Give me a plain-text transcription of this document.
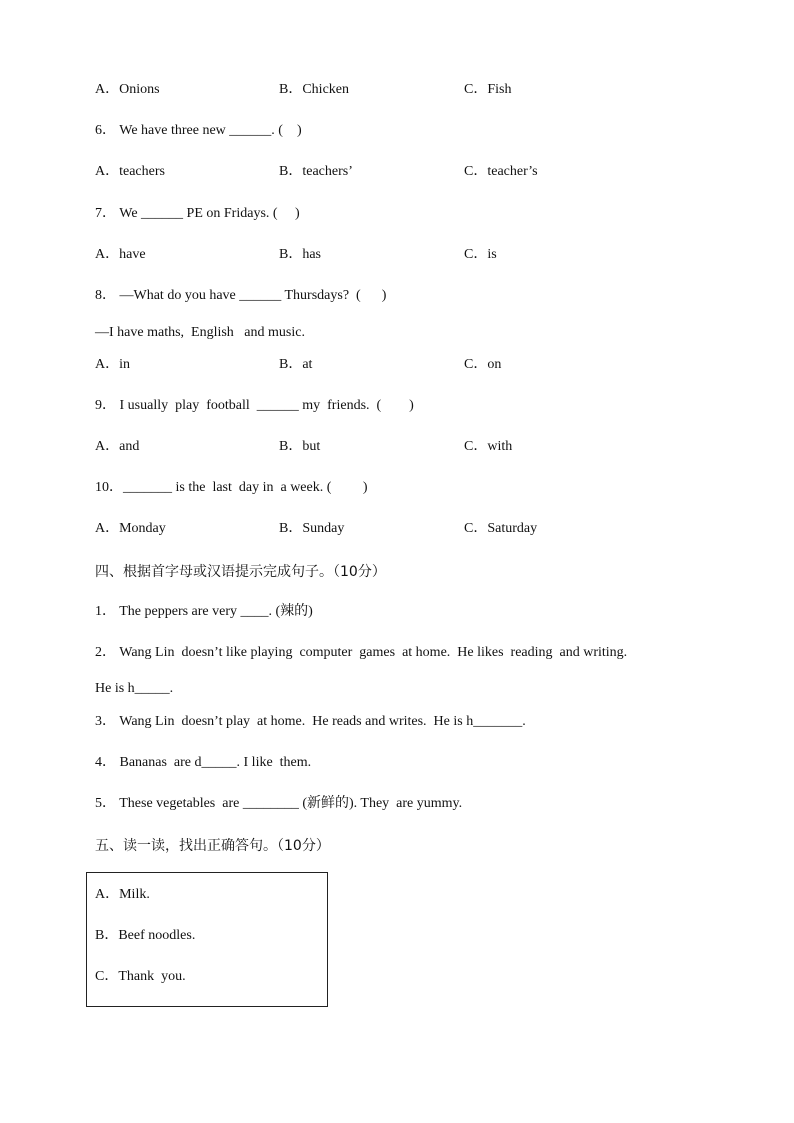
A．Onions	B．Chicken	C．Fish
6． We have three new ______. (    )
A．teachers	B．teachers’	C．teacher’s
7． We ______ PE on Fridays. (     )
A．have	B．has	C．is
8． —What do you have ______ Thursdays?  (      )
—I have maths,  English   and music.
A．in	B．at	C．on
9． I usually  play  football  ______ my  friends.  (        )
A．and	B．but	C．with
10．_______ is the  last  day in  a week. (         )
A．Monday	B．Sunday	C．Saturday
四、根据首字母或汉语提示完成句子。（10分）
1． The peppers are very ____. (辣的)
2． Wang Lin  doesn’t like playing  computer  games  at home.  He likes  reading  and writing.
He is h_____.
3． Wang Lin  doesn’t play  at home.  He reads and writes.  He is h_______.
4． Bananas  are d_____. I like  them.
5． These vegetables  are ________ (新鲜的). They  are yummy.
五、读一读，找出正确答句。（10分）
A．Milk.
B．Beef noodles.
C．Thank  you.
